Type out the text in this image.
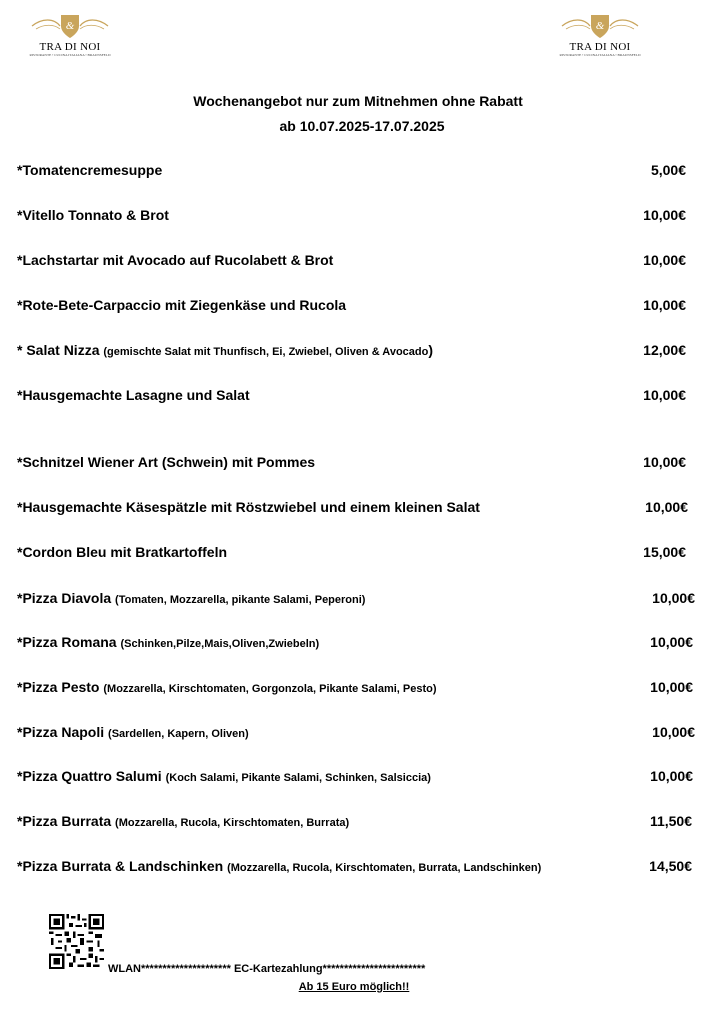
&
TRA DI NOI
RISTORANTE • CUCINA ITALIANA • BRAUNSFELD
&
TRA DI NOI
RISTORANTE • CUCINA ITALIANA • BRAUNSFELD
Wochenangebot nur zum Mitnehmen ohne Rabatt
ab 10.07.2025-17.07.2025
*Tomatencremesuppe	5,00€
*Vitello Tonnato & Brot	10,00€
*Lachstartar mit Avocado auf Rucolabett & Brot	10,00€
*Rote-Bete-Carpaccio mit Ziegenkäse und Rucola	10,00€
* Salat Nizza (gemischte Salat mit Thunfisch, Ei, Zwiebel, Oliven & Avocado)	12,00€
*Hausgemachte Lasagne und Salat	10,00€
*Schnitzel Wiener Art (Schwein) mit Pommes	10,00€
*Hausgemachte Käsespätzle mit Röstzwiebel und einem kleinen Salat	10,00€
*Cordon Bleu mit Bratkartoffeln	15,00€
*Pizza Diavola (Tomaten, Mozzarella, pikante Salami, Peperoni)	10,00€
*Pizza Romana (Schinken,Pilze,Mais,Oliven,Zwiebeln)	10,00€
*Pizza Pesto (Mozzarella, Kirschtomaten, Gorgonzola, Pikante Salami, Pesto)	10,00€
*Pizza Napoli (Sardellen, Kapern, Oliven)	10,00€
*Pizza Quattro Salumi (Koch Salami, Pikante Salami, Schinken, Salsiccia)	10,00€
*Pizza Burrata (Mozzarella, Rucola, Kirschtomaten, Burrata)	11,50€
*Pizza Burrata & Landschinken (Mozzarella, Rucola, Kirschtomaten, Burrata, Landschinken)	14,50€
WLAN********************* EC-Kartezahlung************************
Ab 15 Euro möglich!!
